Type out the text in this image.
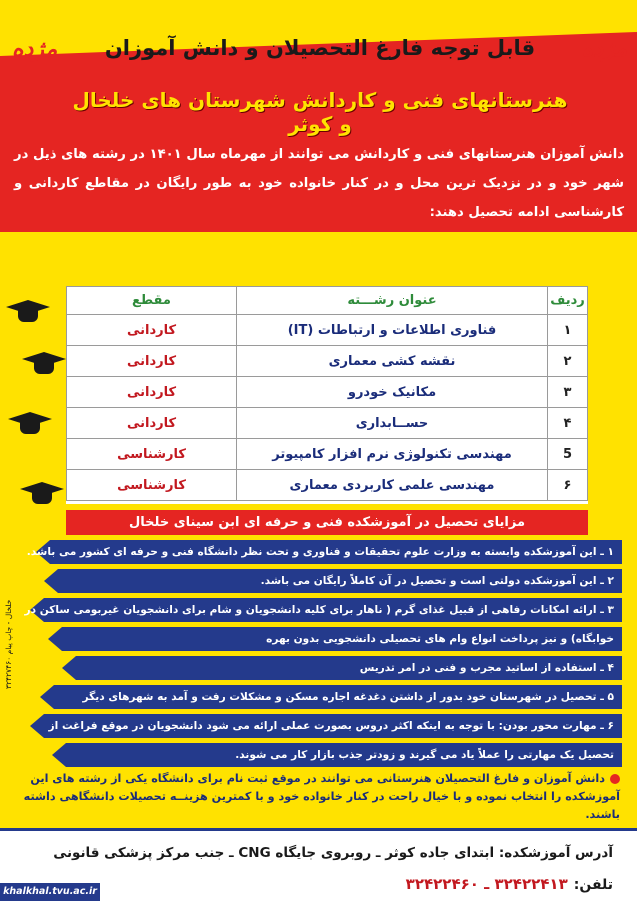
مژده
مژده قابل توجه فارغ التحصیلان و دانش آموزان
هنرستانهای فنی و کاردانش شهرستان های خلخال و کوثر
دانش آموزان هنرستانهای فنی و کاردانش می توانند از مهرماه سال ۱۴۰۱ در رشته های ذیل در شهر خود و در نزدیک ترین محل و در کنار خانواده خود به طور رایگان در مقاطع کاردانی و کارشناسی ادامه تحصیل دهند:
ردیف	عنوان رشـــته	مقطع
۱	فناوری اطلاعات و ارتباطات (IT)	کاردانی
۲	نقشه کشی معماری	کاردانی
۳	مکانیک خودرو	کاردانی
۴	حســابداری	کاردانی
5	مهندسی تکنولوژی نرم افزار کامپیوتر	کارشناسی
۶	مهندسی علمی کاربردی معماری	کارشناسی
مزایای تحصیل در آموزشکده فنی و حرفه ای ابن سینای خلخال
۱ ـ این آموزشکده وابسته به وزارت علوم تحقیقات و فناوری و تحت نظر دانشگاه فنی و حرفه ای کشور می باشد.
۲ ـ این آموزشکده دولتی است و تحصیل در آن کاملاً رایگان می باشد.
۳ ـ ارائه امکانات رفاهی از قبیل غذای گرم ( ناهار برای کلیه دانشجویان و شام برای دانشجویان غیربومی ساکن در
خوابگاه) و نیز پرداخت انواع وام های تحصیلی دانشجویی بدون بهره
۴ ـ استفاده از اساتید مجرب و فنی در امر تدریس
۵ ـ تحصیل در شهرستان خود بدور از داشتن دغدغه اجاره مسکن و مشکلات رفت و آمد به شهرهای دیگر
۶ ـ مهارت محور بودن: با توجه به اینکه اکثر دروس بصورت عملی ارائه می شود دانشجویان در موقع فراغت از
تحصیل یک مهارتی را عملاً یاد می گیرند و زودتر جذب بازار کار می شوند.
خلخال - چاپ پیام ۳۲۴۲۷۴۶۰
دانش آموزان و فارغ التحصیلان هنرستانی می توانند در موقع ثبت نام برای دانشگاه یکی از رشته های این آموزشکده را انتخاب نموده و با خیال راحت در کنار خانواده خود و با کمترین هزینــه تحصیلات دانشگاهی داشته باشند.
آدرس آموزشکده: ابتدای جاده کوثر ـ روبروی جایگاه CNG ـ جنب مرکز پزشکی قانونی
تلفن:۳۲۴۲۲۴۱۳ ـ ۳۲۴۲۲۴۶۰
khalkhal.tvu.ac.ir
